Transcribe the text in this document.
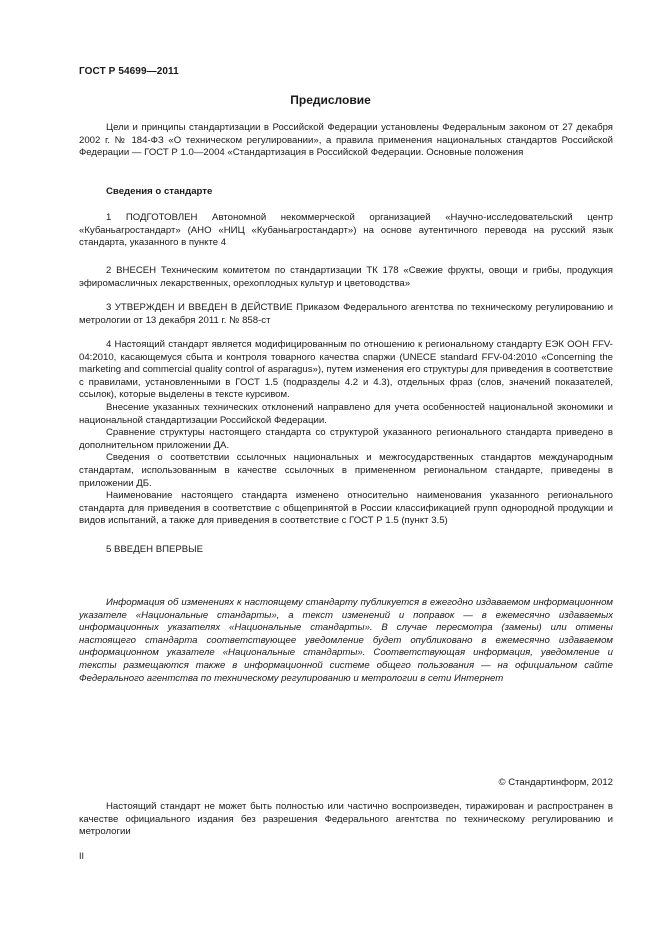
ГОСТ Р 54699—2011
Предисловие

Цели и принципы стандартизации в Российской Федерации установлены Федеральным законом от 27 декабря 2002 г. № 184-ФЗ «О техническом регулировании», а правила применения национальных стандартов Российской Федерации — ГОСТ Р 1.0—2004 «Стандартизация в Российской Федерации. Основные положения

Сведения о стандарте

1 ПОДГОТОВЛЕН Автономной некоммерческой организацией «Научно-исследовательский центр «Кубаньагростандарт» (АНО «НИЦ «Кубаньагростандарт») на основе аутентичного перевода на русский язык стандарта, указанного в пункте 4

2 ВНЕСЕН Техническим комитетом по стандартизации ТК 178 «Свежие фрукты, овощи и грибы, продукция эфиромасличных лекарственных, орехоплодных культур и цветоводства»

3 УТВЕРЖДЕН И ВВЕДЕН В ДЕЙСТВИЕ Приказом Федерального агентства по техническому регулированию и метрологии от 13 декабря 2011 г. № 858-ст

4 Настоящий стандарт является модифицированным по отношению к региональному стандарту ЕЭК ООН FFV-04:2010, касающемуся сбыта и контроля товарного качества спаржи (UNECE standard FFV-04:2010 «Concerning the marketing and commercial quality control of asparagus»), путем изменения его структуры для приведения в соответствие с правилами, установленными в ГОСТ 1.5 (подразделы 4.2 и 4.3), отдельных фраз (слов, значений показателей, ссылок), которые выделены в тексте курсивом.

Внесение указанных технических отклонений направлено для учета особенностей национальной экономики и национальной стандартизации Российской Федерации.

Сравнение структуры настоящего стандарта со структурой указанного регионального стандарта приведено в дополнительном приложении ДА.

Сведения о соответствии ссылочных национальных и межгосударственных стандартов международным стандартам, использованным в качестве ссылочных в примененном региональном стандарте, приведены в приложении ДБ.

Наименование настоящего стандарта изменено относительно наименования указанного регионального стандарта для приведения в соответствие с общепринятой в России классификацией групп однородной продукции и видов испытаний, а также для приведения в соответствие с ГОСТ Р 1.5 (пункт 3.5)

5 ВВЕДЕН ВПЕРВЫЕ

Информация об изменениях к настоящему стандарту публикуется в ежегодно издаваемом информационном указателе «Национальные стандарты», а текст изменений и поправок — в ежемесячно издаваемых информационных указателях «Национальные стандарты». В случае пересмотра (замены) или отмены настоящего стандарта соответствующее уведомление будет опубликовано в ежемесячно издаваемом информационном указателе «Национальные стандарты». Соответствующая информация, уведомление и тексты размещаются также в информационной системе общего пользования — на официальном сайте Федерального агентства по техническому регулированию и метрологии в сети Интернет

© Стандартинформ, 2012

Настоящий стандарт не может быть полностью или частично воспроизведен, тиражирован и распространен в качестве официального издания без разрешения Федерального агентства по техническому регулированию и метрологии

II
